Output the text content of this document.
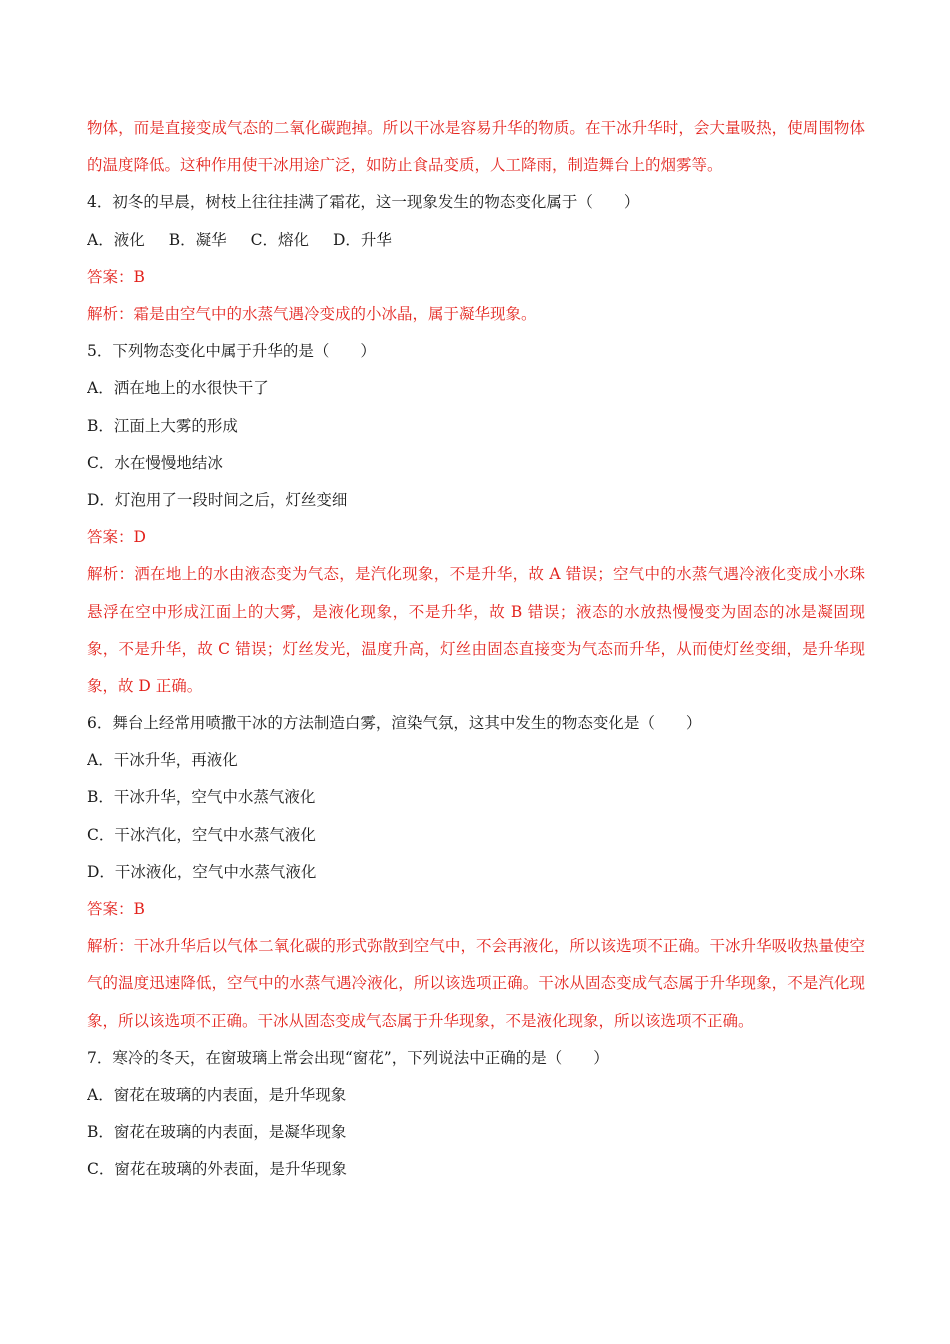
物体，而是直接变成气态的二氧化碳跑掉。所以干冰是容易升华的物质。在干冰升华时，会大量吸热，使周围物体的温度降低。这种作用使干冰用途广泛，如防止食品变质，人工降雨，制造舞台上的烟雾等。
4．初冬的早晨，树枝上往往挂满了霜花，这一现象发生的物态变化属于（　　）
A．液化 B．凝华 C．熔化 D．升华
答案：B
解析：霜是由空气中的水蒸气遇冷变成的小冰晶，属于凝华现象。
5．下列物态变化中属于升华的是（　　）
A．洒在地上的水很快干了
B．江面上大雾的形成
C．水在慢慢地结冰
D．灯泡用了一段时间之后，灯丝变细
答案：D
解析：洒在地上的水由液态变为气态，是汽化现象，不是升华，故 A 错误；空气中的水蒸气遇冷液化变成小水珠悬浮在空中形成江面上的大雾，是液化现象，不是升华，故 B 错误；液态的水放热慢慢变为固态的冰是凝固现象，不是升华，故 C 错误；灯丝发光，温度升高，灯丝由固态直接变为气态而升华，从而使灯丝变细，是升华现象，故 D 正确。
6．舞台上经常用喷撒干冰的方法制造白雾，渲染气氛，这其中发生的物态变化是（　　）
A．干冰升华，再液化
B．干冰升华，空气中水蒸气液化
C．干冰汽化，空气中水蒸气液化
D．干冰液化，空气中水蒸气液化
答案：B
解析：干冰升华后以气体二氧化碳的形式弥散到空气中，不会再液化，所以该选项不正确。干冰升华吸收热量使空气的温度迅速降低，空气中的水蒸气遇冷液化，所以该选项正确。干冰从固态变成气态属于升华现象，不是汽化现象，所以该选项不正确。干冰从固态变成气态属于升华现象，不是液化现象，所以该选项不正确。
7．寒冷的冬天，在窗玻璃上常会出现“窗花”，下列说法中正确的是（　　）
A．窗花在玻璃的内表面，是升华现象
B．窗花在玻璃的内表面，是凝华现象
C．窗花在玻璃的外表面，是升华现象
